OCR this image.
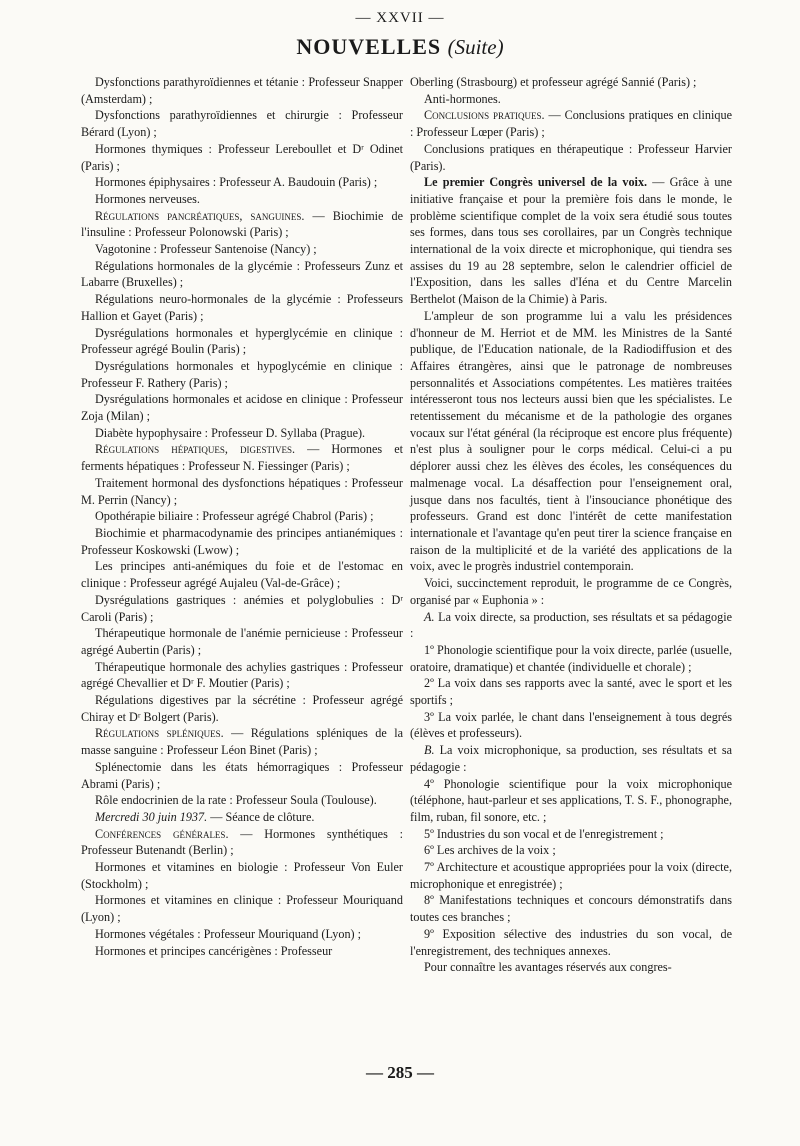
— XXVII —
NOUVELLES (Suite)

Dysfonctions parathyroïdiennes et tétanie : Professeur Snapper (Amsterdam) ;

Dysfonctions parathyroïdiennes et chirurgie : Professeur Bérard (Lyon) ;

Hormones thymiques : Professeur Lereboullet et Dʳ Odinet (Paris) ;

Hormones épiphysaires : Professeur A. Baudouin (Paris) ;

Hormones nerveuses.

Régulations pancréatiques, sanguines. — Biochimie de l'insuline : Professeur Polonowski (Paris) ;

Vagotonine : Professeur Santenoise (Nancy) ;

Régulations hormonales de la glycémie : Professeurs Zunz et Labarre (Bruxelles) ;

Régulations neuro-hormonales de la glycémie : Professeurs Hallion et Gayet (Paris) ;

Dysrégulations hormonales et hyperglycémie en clinique : Professeur agrégé Boulin (Paris) ;

Dysrégulations hormonales et hypoglycémie en clinique : Professeur F. Rathery (Paris) ;

Dysrégulations hormonales et acidose en clinique : Professeur Zoja (Milan) ;

Diabète hypophysaire : Professeur D. Syllaba (Prague).

Régulations hépatiques, digestives. — Hormones et ferments hépatiques : Professeur N. Fiessinger (Paris) ;

Traitement hormonal des dysfonctions hépatiques : Professeur M. Perrin (Nancy) ;

Opothérapie biliaire : Professeur agrégé Chabrol (Paris) ;

Biochimie et pharmacodynamie des principes antianémiques : Professeur Koskowski (Lwow) ;

Les principes anti-anémiques du foie et de l'estomac en clinique : Professeur agrégé Aujaleu (Val-de-Grâce) ;

Dysrégulations gastriques : anémies et polyglobulies : Dʳ Caroli (Paris) ;

Thérapeutique hormonale de l'anémie pernicieuse : Professeur agrégé Aubertin (Paris) ;

Thérapeutique hormonale des achylies gastriques : Professeur agrégé Chevallier et Dʳ F. Moutier (Paris) ;

Régulations digestives par la sécrétine : Professeur agrégé Chiray et Dʳ Bolgert (Paris).

Régulations spléniques. — Régulations spléniques de la masse sanguine : Professeur Léon Binet (Paris) ;

Splénectomie dans les états hémorragiques : Professeur Abrami (Paris) ;

Rôle endocrinien de la rate : Professeur Soula (Toulouse).

Mercredi 30 juin 1937. — Séance de clôture.

Conférences générales. — Hormones synthétiques : Professeur Butenandt (Berlin) ;

Hormones et vitamines en biologie : Professeur Von Euler (Stockholm) ;

Hormones et vitamines en clinique : Professeur Mouriquand (Lyon) ;

Hormones végétales : Professeur Mouriquand (Lyon) ;

Hormones et principes cancérigènes : Professeur

Oberling (Strasbourg) et professeur agrégé Sannié (Paris) ;

Anti-hormones.

Conclusions pratiques. — Conclusions pratiques en clinique : Professeur Lœper (Paris) ;

Conclusions pratiques en thérapeutique : Professeur Harvier (Paris).

Le premier Congrès universel de la voix. — Grâce à une initiative française et pour la première fois dans le monde, le problème scientifique complet de la voix sera étudié sous toutes ses formes, dans tous ses corollaires, par un Congrès technique international de la voix directe et microphonique, qui tiendra ses assises du 19 au 28 septembre, selon le calendrier officiel de l'Exposition, dans les salles d'Iéna et du Centre Marcelin Berthelot (Maison de la Chimie) à Paris.

L'ampleur de son programme lui a valu les présidences d'honneur de M. Herriot et de MM. les Ministres de la Santé publique, de l'Education nationale, de la Radiodiffusion et des Affaires étrangères, ainsi que le patronage de nombreuses personnalités et Associations compétentes. Les matières traitées intéresseront tous nos lecteurs aussi bien que les spécialistes. Le retentissement du mécanisme et de la pathologie des organes vocaux sur l'état général (la réciproque est encore plus fréquente) n'est plus à souligner pour le corps médical. Celui-ci a pu déplorer aussi chez les élèves des écoles, les conséquences du malmenage vocal. La désaffection pour l'enseignement oral, jusque dans nos facultés, tient à l'insouciance phonétique des professeurs. Grand est donc l'intérêt de cette manifestation internationale et l'avantage qu'en peut tirer la science française en raison de la multiplicité et de la variété des applications de la voix, avec le progrès industriel contemporain.

Voici, succinctement reproduit, le programme de ce Congrès, organisé par « Euphonia » :

A. La voix directe, sa production, ses résultats et sa pédagogie :

1º Phonologie scientifique pour la voix directe, parlée (usuelle, oratoire, dramatique) et chantée (individuelle et chorale) ;

2º La voix dans ses rapports avec la santé, avec le sport et les sportifs ;

3º La voix parlée, le chant dans l'enseignement à tous degrés (élèves et professeurs).

B. La voix microphonique, sa production, ses résultats et sa pédagogie :

4º Phonologie scientifique pour la voix microphonique (téléphone, haut-parleur et ses applications, T. S. F., phonographe, film, ruban, fil sonore, etc. ;

5º Industries du son vocal et de l'enregistrement ;

6º Les archives de la voix ;

7º Architecture et acoustique appropriées pour la voix (directe, microphonique et enregistrée) ;

8º Manifestations techniques et concours démonstratifs dans toutes ces branches ;

9º Exposition sélective des industries du son vocal, de l'enregistrement, des techniques annexes.

Pour connaître les avantages réservés aux congres-

— 285 —
